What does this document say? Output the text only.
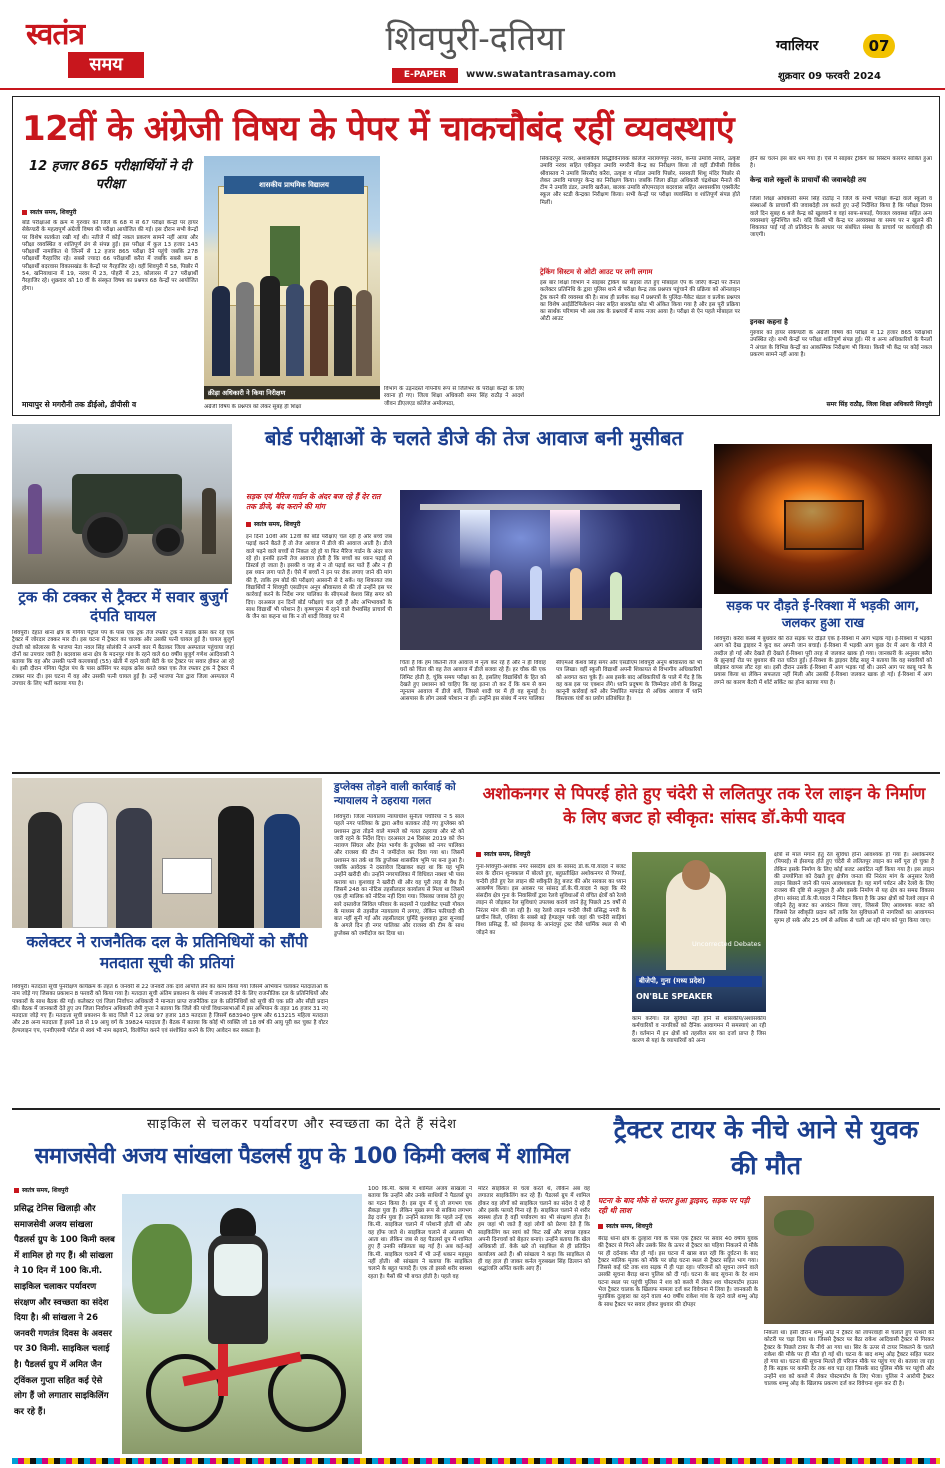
स्वतंत्र
समय
शिवपुरी-दतिया
E-PAPER	www.swatantrasamay.com
ग्वालियर	07
शुक्रवार 09 फरवरी 2024
12वीं के अंग्रेजी विषय के पेपर में चाकचौबंद रहीं व्यवस्थाएं
12 हजार 865 परीक्षार्थियों ने दी परीक्षा
स्वतंत्र समय, शिवपुरी
बोर्ड परीक्षाओं के क्रम में गुरुवार को जिले के 68 में से 67 परीक्षा केन्द्रों पर हायर सेकेण्डरी के महत्वपूर्ण अंग्रेजी विषय की परीक्षा आयोजित की गई। इस दौरान सभी केन्द्रों पर विशेष सतर्कता रखी गई थी। नतीजे में कोई नकल प्रकरण सामने नहीं आया और परीक्षा व्यवस्थित व शांतिपूर्ण ढंग से संपन्न हुई। इस परीक्षा में कुल 13 हजार 143 परीक्षार्थी नामांकित थे जिनमें से 12 हजार 865 परीक्षा देने पहुंचे जबकि 278 परीक्षार्थी गैरहाजिर रहे। सबसे ज्यादा 66 परीक्षार्थी करैरा में जबकि सबसे कम 8 परीक्षार्थी बदरवास विकासखंड के केन्द्रों पर गैरहाजिर रहे। वहीं शिवपुरी में 58, पिछोर में 54, खनियाधाना में 19, नरवर में 23, पोहरी में 23, कोलारस में 27 परीक्षार्थी गैरहाजिर रहे। शुक्रवार को 10 वीं के संस्कृत विषय का प्रश्नपत्र 68 केन्द्रों पर आयोजित होगा।
मायापुर से मगरौनी तक डीईओ, डीपीसी व
शासकीय प्राथमिक विद्यालय
क्रीड़ा अधिकारी ने किया निरीक्षण
अंग्रेजी विषय के प्रश्नपत्र को लेकर सुबह ही शिक्षा
विभाग के उड़नदस्ते गोपनीय रूप से जिलेभर के परीक्षा केन्द्रों के लिए रवाना हो गए। जिला शिक्षा अधिकारी समर सिंह राठौड़ ने आदर्श जीवन डीएलएड कॉलेज अमोलपठा,
सिकंदरपुर नरवर, अशासकीय सिद्धीविनायक कॉलेज नारायणपुर नरवर, कन्या उमावि नरवर, उत्कृष्ट उमावि नरवर सहित एकीकृत उमावि मगरौनी केन्द्र का निरीक्षण किया तो वहीं डीपीसी विवेक श्रीवास्तव ने उमावि सिरसौद करैरा, उत्कृष्ट व मॉडल उमावि पिछोर, सरस्वती शिशु मंदिर पिछोर से लेकर उमावि मायापुर केन्द्र का निरीक्षण किया। जबकि जिला क्रीड़ा अधिकारी चंद्रशेखर मैनाते की टीम ने उमावि डंडर, उमावि खरौआ, बालक उमावि सोएमराइज बदरवास सहित अशासकीय एक्सीलेंट स्कूल और स्टडी केन्द्रका निरीक्षण किया। सभी केन्द्रों पर परीक्षा व्यवस्थित व शांतिपूर्ण संपन्न होते मिलीं।
ट्रेकिंग सिस्टम से ओटी आउट पर लगी लगाम
इस बार शिक्षा विभाग ने साइबर ट्रेकिंग का सहारा लेते हुए मोबाइल ऐप के जरिए केन्द्रों पर तैनात कलेक्टर प्रतिनिधि के द्वारा पुलिस थाने से परीक्षा केन्द्र तक प्रश्नपत्र पहुंचाने की प्रक्रिया को ऑनलाइन ट्रेक करने की व्यवस्था की है। साथ ही प्रत्येक कक्ष में प्रश्नपत्रों के पुलिंदा-पैकेट बंडल व प्रत्येक प्रश्नपत्र का विशेष आईडेंटिफिकेशन नंबर सहित बारकोड कोड भी अंकित किया गया है और इस पूरी प्रक्रिया का सार्थक परिणाम भी अब तक के प्रश्नपत्रों में साफ नजर आया है। परीक्षा से ऐन पहले मोबाइल पर ओटी आउट
होने का चलन इस बार थम गया है। ऐसे में साइबर ट्रेकिंग का सिस्टम कारगर साबित हुआ है।
केन्द्र वाले स्कूलों के प्राचार्यों की जवाबदेही तय
जिला शिक्षा अधिकारी समर सिंह राठौड़ ने जिले के सभी परीक्षा केन्द्रों वाले स्कूलों व संस्थाओं के प्राचार्यों की जवाबदेही तय करते हुए उन्हें निर्देशित किया है कि परीक्षा दिवस वाले दिन सुबह 6 बजे केन्द्र को खुलवाने व वहां साफ-सफाई, पेयजल व्यवस्था सहित अन्य व्यवस्थाएं सुनिश्चित करें। यदि किसी भी केन्द्र पर अव्यवस्था या समय पर न खुलने की शिकायत पाई गई तो प्रतिवेदन के आधार पर संबंधित संस्था के प्राचार्य पर कार्यवाही की जाएगी।
इनका कहना है
गुरुवार को हायर सेकेण्डरी के अंग्रेजी विषय की परीक्षा में 12 हजार 865 परीक्षार्थी उपस्थित रहे। सभी केन्द्रों पर परीक्षा शांतिपूर्ण संपन्न हुई। मेरे व अन्य अधिकारियों के पैनलों ने अंचल के विभिन्न केन्द्रों का आकस्मिक निरीक्षण भी किया। किसी भी केंद्र पर कोई नकल प्रकरण सामने नहीं आया है।
समर सिंह राठौड़, जिला शिक्षा अधिकारी शिवपुरी
ट्रक की टक्कर से ट्रैक्टर में सवार बुजुर्ग दंपति घायल
शिवपुरी। देहात थाना क्षेत्र के गंगिया पेट्रोल पंप के पास एक ट्रक तेज रफ्तार ट्रक ने सड़क क्रॉस कर रहे एक ट्रैक्टर में जोरदार टक्कर मार दी। इस घटना में ट्रैक्टर का चालक और उसकी पत्नी घायल हुई है। घायल बुजुर्ग दंपती को कोलारस के भाजपा नेता नवल सिंह सोलंकी ने अपनी कार में बैठाकर जिला अस्पताल पहुंचाया जहां दोनों का उपचार जारी है। बदरवास थाना क्षेत्र के मदनपुर गांव के रहने वाले 60 वर्षीय बुजुर्ग गणेश आदिवासी ने बताया कि वह और उसकी पत्नी कल्लाबाई (55) खेती में रहने वाली बेटी के घर ट्रैक्टर पर सवार होकर आ रहे थे। इसी दौरान गंगिया पेट्रोल पंप के पास क्रॉसिंग पर सड़क क्रॉस करते वक्त एक तेज रफ्तार ट्रक ने ट्रैक्टर में टक्कर मार दी। इस घटना में वह और उसकी पत्नी घायल हुई है। उन्हें भाजपा नेता द्वारा जिला अस्पताल में उपचार के लिए भर्ती कराया गया है।
बोर्ड परीक्षाओं के चलते डीजे की तेज आवाज बनी मुसीबत
सड़क एवं मैरिज गार्डन के अंदर बज रहे हैं देर रात तक डीजे, बंद कराने की मांग
स्वतंत्र समय, शिवपुरी
इन दिनों 10वीं और 12वीं की बोर्ड परीक्षाएं चल रही हैं और बच्चे जब पढ़ाई करने बैठते हैं तो तेज आवाज में डीजे की आवाज आती है। डीजे वाले पढ़ने वाले बच्चों से निकल रहे हो या फिर मैरिज गार्डन के अंदर बज रहे हो। इनकी इतनी तेज आवाज होती है कि बच्चों का ध्यान पढ़ाई से डिस्टर्ब हो जाता है। इसकी व जह से न तो पढ़ाई कर पाते हैं और न ही इस ध्यान लगा पाते हैं। ऐसे में बच्चों ने इन पर रोक लगाए जाने की मांग की है, ताकि हम बोर्ड की परीक्षाएं आसानी से दे सकें। यह शिकायत जब विद्यार्थियों ने शिवपुरी एसडीएम अनूप श्रीवास्तव से की तो उन्होंने इस पर कार्रवाई करने के निर्देश नगर पालिका के सीएमओ केशव सिंह सगर को दिए। दरअसल इन दिनों बोर्ड परीक्षाएं चल रही हैं और अभिभावकों के साथ विद्यार्थी भी परेशान है। कृष्णपुरम में रहने वाले वैभवसिंह प्राचार्य पी के जैन का कहना था कि न तो शादी विवाह घर में
चिंता है कि हम कितनी तेज आवाज में नृत्य कर रहे हैं और न ही विवाह घरों को चिंता की वह तेज आवाज में डीजे बजवा रहे हैं। हर चौक की एक लिमिट होती है, चूंकि समय परीक्षा का है, इसलिए विद्यार्थियों के हित को देखते हुए प्रशासन को चाहिए कि वह इतना तो कर दें कि कम से कम न्यूनतम आवाज में डीजे बजें, जिससे शादी घर में ही वह सुनाई दे। आसपास के लोग उससे परेशान ना हों। उन्होंने इस संबंध में नगर पालिका
सीएमओ केशव सिंह सगर और एसडीएम शिवपुरी अनूप श्रीवास्तव को भी पत्र लिखा। वहीं स्कूली विद्यार्थी अपनी शिकायत से विभागीय अधिकारियों को अवगत करा चुके हैं। अब इसके बाद अधिकारियों के पाले में गेंद है कि वह कब इस पर एक्शन लेंगे। ध्वनि प्रदूषण के जिम्मेदार लोगों के विरुद्ध कानूनी कार्रवाई करें और निर्धारित मापदंड से अधिक आवाज में ध्वनि विस्तारक यंत्रों का प्रयोग प्रतिबंधित है।
सड़क पर दौड़ते ई-रिक्शा में भड़की आग, जलकर हुआ राख
शिवपुरी। करैरा कस्बे में बुधवार की रात सड़क पर दौड़ते एक ई-रिक्शा में आग भड़क गई। ई-रिक्शा में भड़की आग को देख ड्राइवर ने कूद कर अपनी जान बचाई। ई-रिक्शा में भड़की आग कुछ देर में आग के गोले में तब्दील हो गई और देखते ही देखते ई-रिक्शा पूरी तरह से जलकर खाक हो गया। जानकारी के अनुसार करैरा के झुन्हवई रोड पर बुधवार की रात घटित हुई। ई-रिक्शा के ड्राइवर देवेंद्र साहू ने बताया कि वह सवारियों को छोड़कर वापस लौट रहा था। इसी दौरान उसके ई-रिक्शा में आग भड़क गई थी। उसने आग पर काबू पाने के प्रयास किया था लेकिन सफलता नहीं मिली और उसकी ई-रिक्शा जलकर खाक हो गई। ई-रिक्शा में आग लगने का कारण बैटरी में शॉर्ट सर्किट का होना बताया गया है।
कलेक्टर ने राजनैतिक दल के प्रतिनिधियों को सौंपी मतदाता सूची की प्रतियां
शिवपुरी। मतदाता सूची पुनरीक्षण कार्यक्रम के तहत 6 जनवरी से 22 जनवरी तक दावे आपत्ति लेने का काम किया गया जिसमें अभियान चलाकर मतदाताओं के नाम जोड़े गए जिसका प्रकाशन 8 फरवरी को किया गया है। मतदाता सूची अंतिम प्रकाशन के संबंध में जानकारी देने के लिए राजनीतिक दल के प्रतिनिधियों और पत्रकारों के साथ बैठक की गई। कलेक्टर एवं जिला निर्वाचन अधिकारी ने मान्यता प्राप्त राजनैतिक दल के प्रतिनिधियों को सूची की एक प्रति और सीडी प्रदान की। बैठक में जानकारी देते हुए उप जिला निर्वाचन अधिकारी जेपी गुप्ता ने बताया कि जिले की पांचों विधानसभाओं में इस अभियान के तहत 16 हजार 31 नए मतदाता जोड़े गए हैं। मतदाता सूची प्रकाशन के बाद जिले में 12 लाख 97 हजार 183 मतदाता है जिसमें 683940 पुरुष और 613215 महिला मतदाता और 28 अन्य मतदाता हैं इसमें 18 से 19 आयु वर्ग के 39824 मतदाता हैं। बैठक में बताया कि कोई भी व्यक्ति जो 18 वर्ष की आयु पूरी कर चुका है वोटर हेल्पलाइन एप, एनवीएसपी पोर्टल से स्वयं भी नाम बढ़वाने, विलोपित करने एवं संशोधित करने के लिए आवेदन कर सकता है।
डुप्लेक्स तोड़ने वाली कार्रवाई को न्यायालय ने ठहराया गलत
शिवपुरी। जिला न्यायालय न्यायाधीश सुनीता पचौरिया ने 5 साल पहले नगर पालिका के द्वारा अवैध बताकर तोड़े गए डुप्लेक्स को प्रशासन द्वारा तोड़ने वाले मामले को गलत ठहराया और स्टे को जारी रहने के निर्देश दिए। दरअसल 24 दिसंबर 2019 को जेन नरायण सिंघल और हेमंत भार्गव के डुप्लेक्स को नगर पालिका और राजस्व की टीम ने जमींदोज कर दिया गया था। जिसमें प्रशासन का तर्क था कि डुप्लेक्स शासकीय भूमि पर बना हुआ है। जबकि आवेदक ने दस्तावेज दिखाकर कहा था कि यह भूमि उन्होंने खरीदी थी। उन्होंने नगरपालिका में विधिवत नक्शा भी पास कराया था। कुशवाह ने खरीदी थी और वह पूरी तरह से वैध है। जिसमें 248 का नोटिस तहसीलदार कार्यालय से मिला था जिसमें एक ही मालिक को नोटिस नहीं दिया गया। जिसका जवाब देते हुए सारे दस्तावेज सिविल परिवार के सदस्यों ने एडवोकेट एमडी गोयल के माध्यम से तहसील न्यायालय में लगाए, लेकिन फरियादी की बात नहीं सुनी गई और तहसीलदार घुर्मिंदे कुशवाहा द्वारा सुनवाई के अगले दिन ही नगर पालिका और राजस्व की टीम के साथ डुप्लेक्स को जमींदोज कर दिया था।
अशोकनगर से पिपरई होते हुए चंदेरी से ललितपुर तक रेल लाइन के निर्माण के लिए बजट हो स्वीकृत: सांसद डॉ.केपी यादव
स्वतंत्र समय, शिवपुरी
गुना-शिवपुरी-अशोक नगर संसदीय क्षेत्र के सांसद डॉ.के.पी.यादव ने बजट सत्र के दौरान शून्यकाल में बोलते हुए, बहुप्रतीक्षित अशोकनगर से पिपरई, चन्देरी होते हुए रेल लाइन की स्वीकृति हेतु बजट की ओर सरकार का ध्यान आकर्षण किया। इस अवसर पर सांसद डॉ.के.पी.यादव ने कहा कि मेरे संसदीय क्षेत्र गुना के निवासियों द्वारा रेलवे सुविधाओं से वंचित क्षेत्रों को रेलवे लाइन से जोड़कर रेल सुविधाएं उपलब्ध कराये जाने हेतु पिछले 25 वर्षों से निरंतर मांग की जा रही है। यह रेलवे लाइन चन्देरी जैसी प्रसिद्ध नगरी के प्राचीन किले, एशिया के सबसे बड़े हेण्डलूम पार्क जहां की चन्देरी साड़ियां विश्व प्रसिद्ध हैं, को ईसागढ़ के आनंदपुर ट्रस्ट जैसे धार्मिक स्थल से भी जोड़ने का
Uncorrected Debates
बीजेपी, गुना (मध्य प्रदेश)
ON'BLE SPEAKER
काम करेगा। रेल सुविधा नहीं होने से शासकीय/अशासकीय कर्मचारियों व नागरिकों को दैनिक आवागमन में समस्याएं आ रही हैं। वर्तमान में इन क्षेत्रों को तहसील स्तर का दर्जा प्राप्त है जिस कारण से यहां के व्यापारियों को अन्य
क्षेत्रों से माल मंगाने हेतु रेल सुविधा होना आवश्यक हो गया है। अशोकनगर (पिपरई) से ईसागढ़ होते हुए चंदेरी से ललितपुर लाइन का सर्वे पूरा हो चुका है लेकिन इसके निर्माण के लिए कोई बजट आवंटित नहीं किया गया है। इस लाइन की उपयोगिता को देखते हुए क्षेत्रीय जनता की निरंतर मांग के अनुसार रेलवे लाइन बिछाने जाने की परम आवश्यकता है। यह मार्ग पर्यटन और रेलवे के लिए राजस्व की दृष्टि से अनुकूल है और इसके निर्माण से यह क्षेत्र का समग्र विकास होगा। सांसद डॉ.के.पी.यादव ने निवेदन किया है कि उक्त क्षेत्रों को रेलवे लाइन से जोड़ने हेतु बजट का आवंटन किया जाए, जिससे लिए आवश्यक बजट को जिससे रेल स्वीकृति प्रदान करें ताकि रेल सुविधाओं से नागरिकों का आवागमन सुगम हो सके और 25 वर्ष से अधिक से चली आ रही मांग को पूरा किया जाए।
साइकिल से चलकर पर्यावरण और स्वच्छता का देते हैं संदेश
समाजसेवी अजय सांखला पैडलर्स ग्रुप के 100 किमी क्लब में शामिल
स्वतंत्र समय, शिवपुरी
प्रसिद्ध टेनिस खिलाड़ी और समाजसेवी अजय सांखला पैडलर्स ग्रुप के 100 किमी क्लब में शामिल हो गए हैं। श्री सांखला ने 10 दिन में 100 कि.मी. साइकिल चलाकर पर्यावरण संरक्षण और स्वच्छता का संदेश दिया है। श्री सांखला ने 26 जनवरी गणतंत्र दिवस के अवसर पर 30 किमी. साइकिल चलाई है। पैडलर्स ग्रुप में अमित जैन ट्विंकल गुप्ता सहित कई ऐसे लोग हैं जो लगातार साइकिलिंग कर रहे हैं।
100 कि.मी. क्लब में शामिल अजय सांखला ने बताया कि उन्होंने और उनके साथियों ने पैडलर्स ग्रुप का गठन किया है। इस ग्रुप में यूं तो लगभग एक सैकड़ा युवा हैं। लेकिन मुख्य रूप से साकिय लगभग डेढ़ दर्जन युवा हैं। उन्होंने बताया कि पहले उन्हें एक कि.मी. साइकिल चलाने में परेशानी होती थी और वह हॉफ जाते थे। साइकिल चलाने से आलस्य भी आता था। लेकिन जब से वह पैडलर्स ग्रुप में शामिल हुए हैं उनकी सक्रियता बढ़ गई है। अब कई-कई कि.मी. साइकिल चलाने में भी उन्हें थकान महसूस नहीं होती। श्री सांखला ने बताया कि साइकिल चलाने के बहुत फायदे हैं। एक तो इससे शरीर स्वस्थ्य रहता है। पैसों की भी बचत होती है। पहले वह
मोटर साइकिल से चला करते थे, लेकिन अब वह लगातार साइकिलिंग कर रहे हैं। पैडलर्स ग्रुप में शामिल होकर वह लोगों को साइकिल चलाने का संदेश दे रहे हैं और इसके फायदे गिना रहे हैं। साइकिल चलाने से शरीर स्वस्थ्य होता है वहीं पर्यावरण का भी संरक्षण होता है। हम जहां भी जाते हैं वहां लोगों को प्रेरणा देते हैं कि साइकिलिंग कर स्वयं को फिट रखें और स्वच्छ रहकर अपनी दिनचर्या को बेहतर बनाएं। उन्होंने बताया कि खेल अधिकारी डॉ. केके खरे तो साइकिल से ही प्रतिदिन कार्यालय आते हैं। श्री सांखला ने कहा कि साइकिल से ही वह हाल ही जाकर कर्नल गुरुबख्श सिंह ढिल्लन को श्रद्धांजलि अर्पित करके आए हैं।
ट्रैक्टर टायर के नीचे आने से युवक की मौत
घटना के बाद मौके से फरार हुआ ड्राइवर, सड़क पर पड़ी रही थी लाश
स्वतंत्र समय, शिवपुरी
बैराड़ थाना क्षेत्र के दुल्हारा गांव के पास एक ट्रैक्टर पर सवार 40 वर्षीय युवक की ट्रैक्टर से गिरने और उसके सिर के ऊपर से ट्रैक्टर का पहिया निकलने से मौके पर ही दर्दनाक मौत हो गई। इस घटना में खास बात रही कि दुर्घटना के बाद ट्रैक्टर मालिक मृतक को मौके पर छोड़ घटना स्थल से ट्रैक्टर सहित भाग गया। जिससे कई घंटे तक शव सड़क में ही पड़ा रहा। परिजनों को सूचना लगने वाले उसकी सूचना बैराड़ थाना पुलिस को दी गई। घटना के बाद सूचना के देर शाम घटना स्थल पर पहुंची पुलिस ने शव को कब्जे में लेकर शव पोस्टमार्टम हाउस भेज ट्रैक्टर चालक के खिलाफ मामला दर्ज कर विवेचना में लिया है। जानकारी के मुताबिक दुल्हारा का रहने वाला 40 वर्षीय राकेश गांव के रहने वाले शम्भु ओड़ के साथ ट्रैक्टर पर सवार होकर बुधवार की दोपहर
निकला था। इसी दौरान शम्भु ओड़ ने ट्रैक्टर को लापरवाही से चलाते हुए पत्थरों की कोटरी पर चढ़ा दिया था। जिससे ट्रैक्टर पर बैठा राकेश आदिवासी ट्रैक्टर से गिरकर ट्रैक्टर के पिछले टायर के नीचे आ गया था। सिर के ऊपर से टायर निकलने के चलते राकेश की मौके पर ही मौत हो गई थी। घटना के बाद शम्भु ओड़ ट्रैक्टर सहित फरार हो गया था। घटना की सूचना मिलते ही परिजन मौके पर पहुंच गए थे। बताया जा रहा है कि सड़क पर काफी देर तक शव पड़ा रहा जिसके बाद पुलिस मौके पर पहुंची और उन्होंने शव को कब्जे में लेकर पोस्टमार्टम के लिए भेजा। पुलिस ने आरोपी ट्रैक्टर चालक शम्भु ओड़ के खिलाफ प्रकरण दर्ज कर विवेचना शुरू कर दी है।
